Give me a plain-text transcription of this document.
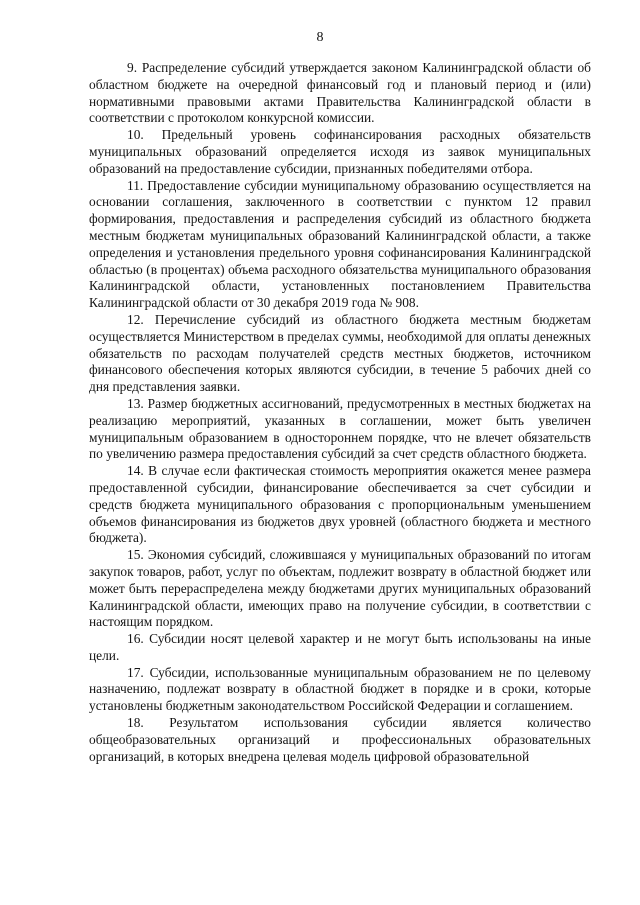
8

9. Распределение субсидий утверждается законом Калининградской области об областном бюджете на очередной финансовый год и плановый период и (или) нормативными правовыми актами Правительства Калининградской области в соответствии с протоколом конкурсной комиссии.

10. Предельный уровень софинансирования расходных обязательств муниципальных образований определяется исходя из заявок муниципальных образований на предоставление субсидии, признанных победителями отбора.

11. Предоставление субсидии муниципальному образованию осуществляется на основании соглашения, заключенного в соответствии с пунктом 12 правил формирования, предоставления и распределения субсидий из областного бюджета местным бюджетам муниципальных образований Калининградской области, а также определения и установления предельного уровня софинансирования Калининградской областью (в процентах) объема расходного обязательства муниципального образования Калининградской области, установленных постановлением Правительства Калининградской области от 30 декабря 2019 года № 908.

12. Перечисление субсидий из областного бюджета местным бюджетам осуществляется Министерством в пределах суммы, необходимой для оплаты денежных обязательств по расходам получателей средств местных бюджетов, источником финансового обеспечения которых являются субсидии, в течение 5 рабочих дней со дня представления заявки.

13. Размер бюджетных ассигнований, предусмотренных в местных бюджетах на реализацию мероприятий, указанных в соглашении, может быть увеличен муниципальным образованием в одностороннем порядке, что не влечет обязательств по увеличению размера предоставления субсидий за счет средств областного бюджета.

14. В случае если фактическая стоимость мероприятия окажется менее размера предоставленной субсидии, финансирование обеспечивается за счет субсидии и средств бюджета муниципального образования с пропорциональным уменьшением объемов финансирования из бюджетов двух уровней (областного бюджета и местного бюджета).

15. Экономия субсидий, сложившаяся у муниципальных образований по итогам закупок товаров, работ, услуг по объектам, подлежит возврату в областной бюджет или может быть перераспределена между бюджетами других муниципальных образований Калининградской области, имеющих право на получение субсидии, в соответствии с настоящим порядком.

16. Субсидии носят целевой характер и не могут быть использованы на иные цели.

17. Субсидии, использованные муниципальным образованием не по целевому назначению, подлежат возврату в областной бюджет в порядке и в сроки, которые установлены бюджетным законодательством Российской Федерации и соглашением.

18. Результатом использования субсидии является количество общеобразовательных организаций и профессиональных образовательных организаций, в которых внедрена целевая модель цифровой образовательной
